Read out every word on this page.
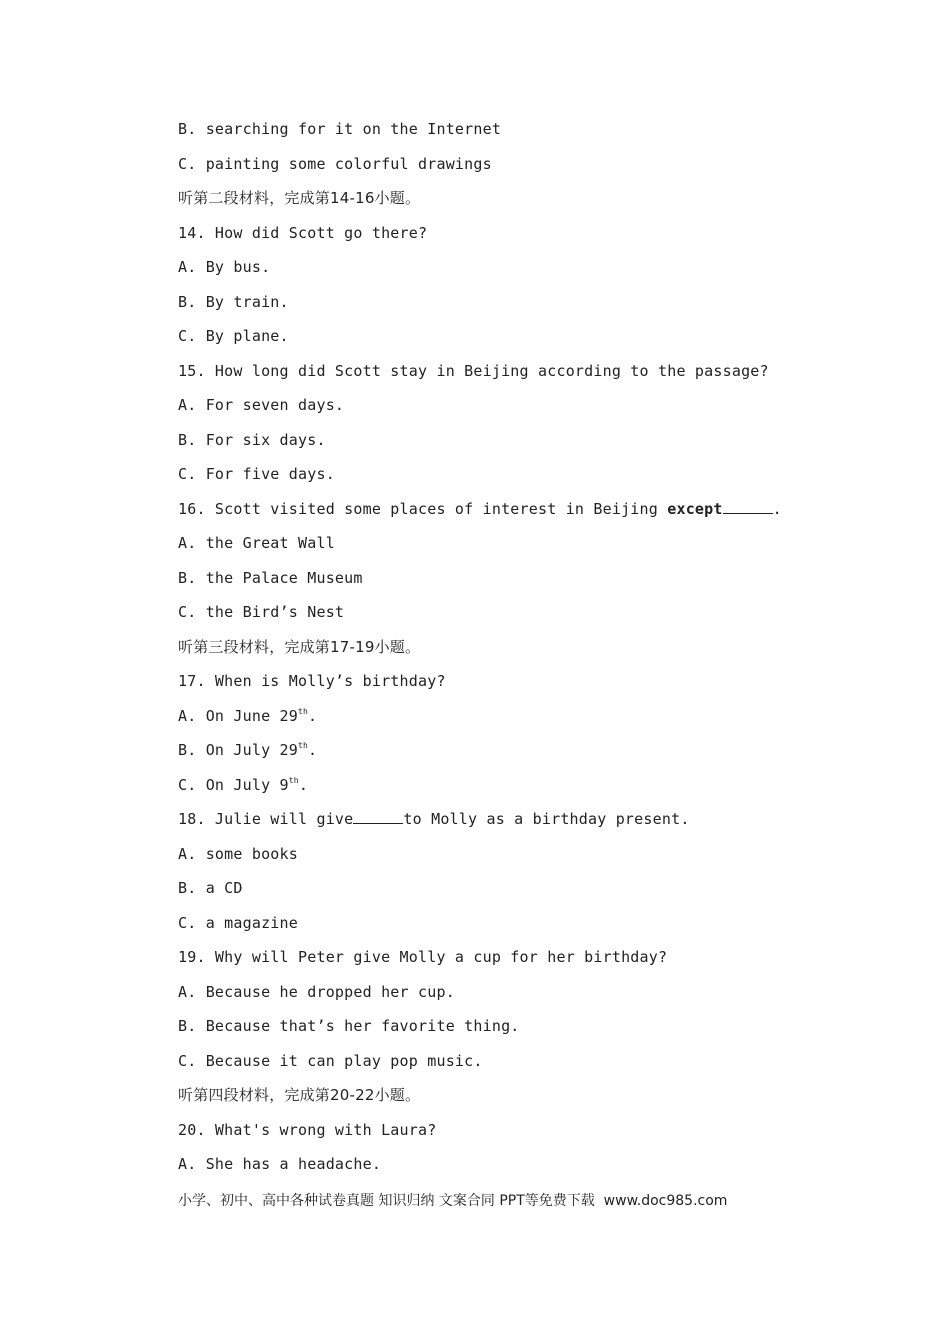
B. searching for it on the Internet
C. painting some colorful drawings
听第二段材料，完成第14-16小题。
14. How did Scott go there?
A. By bus.
B. By train.
C. By plane.
15. How long did Scott stay in Beijing according to the passage?
A. For seven days.
B. For six days.
C. For five days.
16. Scott visited some places of interest in Beijing except	.
A. the Great Wall
B. the Palace Museum
C. the Bird’s Nest
听第三段材料，完成第17-19小题。
17. When is Molly’s birthday?
A. On June 29th.
B. On July 29th.
C. On July 9th.
18. Julie will give	to Molly as a birthday present.
A. some books
B. a CD
C. a magazine
19. Why will Peter give Molly a cup for her birthday?
A. Because he dropped her cup.
B. Because that’s her favorite thing.
C. Because it can play pop music.
听第四段材料，完成第20-22小题。
20. What's wrong with Laura?
A. She has a headache.
小学、初中、高中各种试卷真题 知识归纳 文案合同 PPT等免费下载  www.doc985.com
